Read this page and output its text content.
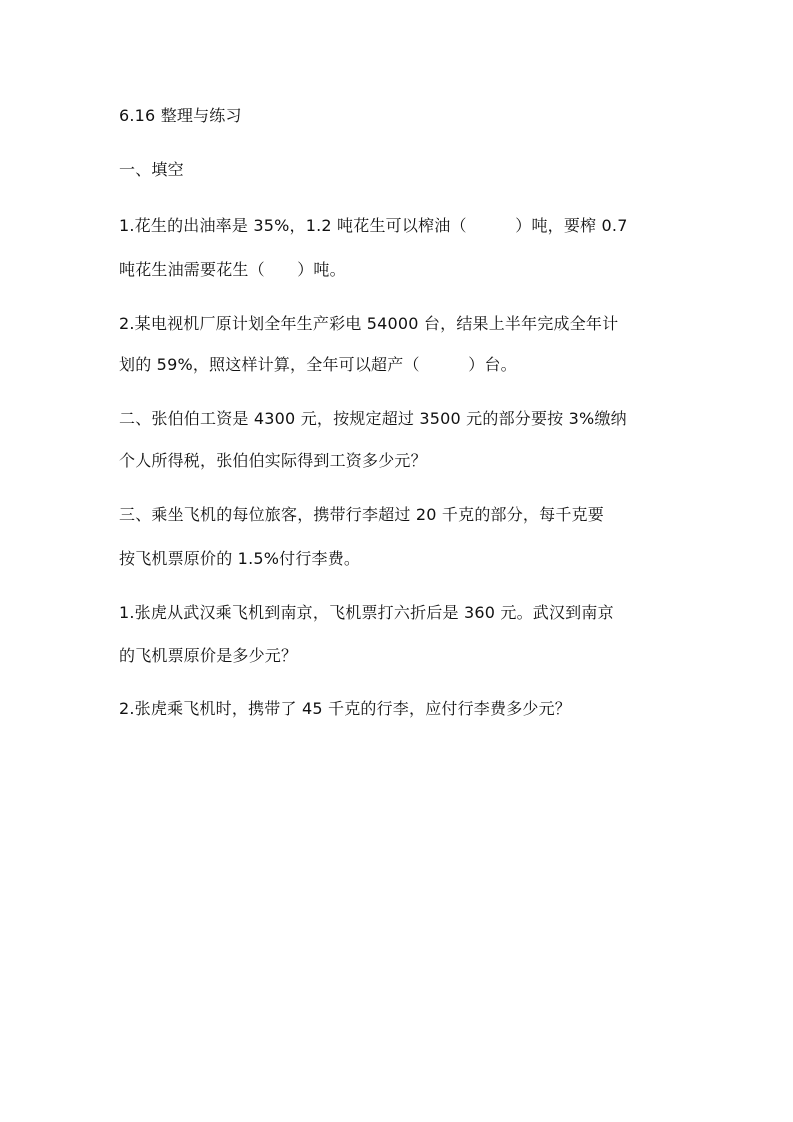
6.16 整理与练习
一、填空
1.花生的出油率是 35%，1.2 吨花生可以榨油（　　　）吨，要榨 0.7
吨花生油需要花生（　　）吨。
2.某电视机厂原计划全年生产彩电 54000 台，结果上半年完成全年计
划的 59%，照这样计算，全年可以超产（　　　）台。
二、张伯伯工资是 4300 元，按规定超过 3500 元的部分要按 3%缴纳
个人所得税，张伯伯实际得到工资多少元？
三、乘坐飞机的每位旅客，携带行李超过 20 千克的部分，每千克要
按飞机票原价的 1.5%付行李费。
1.张虎从武汉乘飞机到南京，飞机票打六折后是 360 元。武汉到南京
的飞机票原价是多少元？
2.张虎乘飞机时，携带了 45 千克的行李，应付行李费多少元？
